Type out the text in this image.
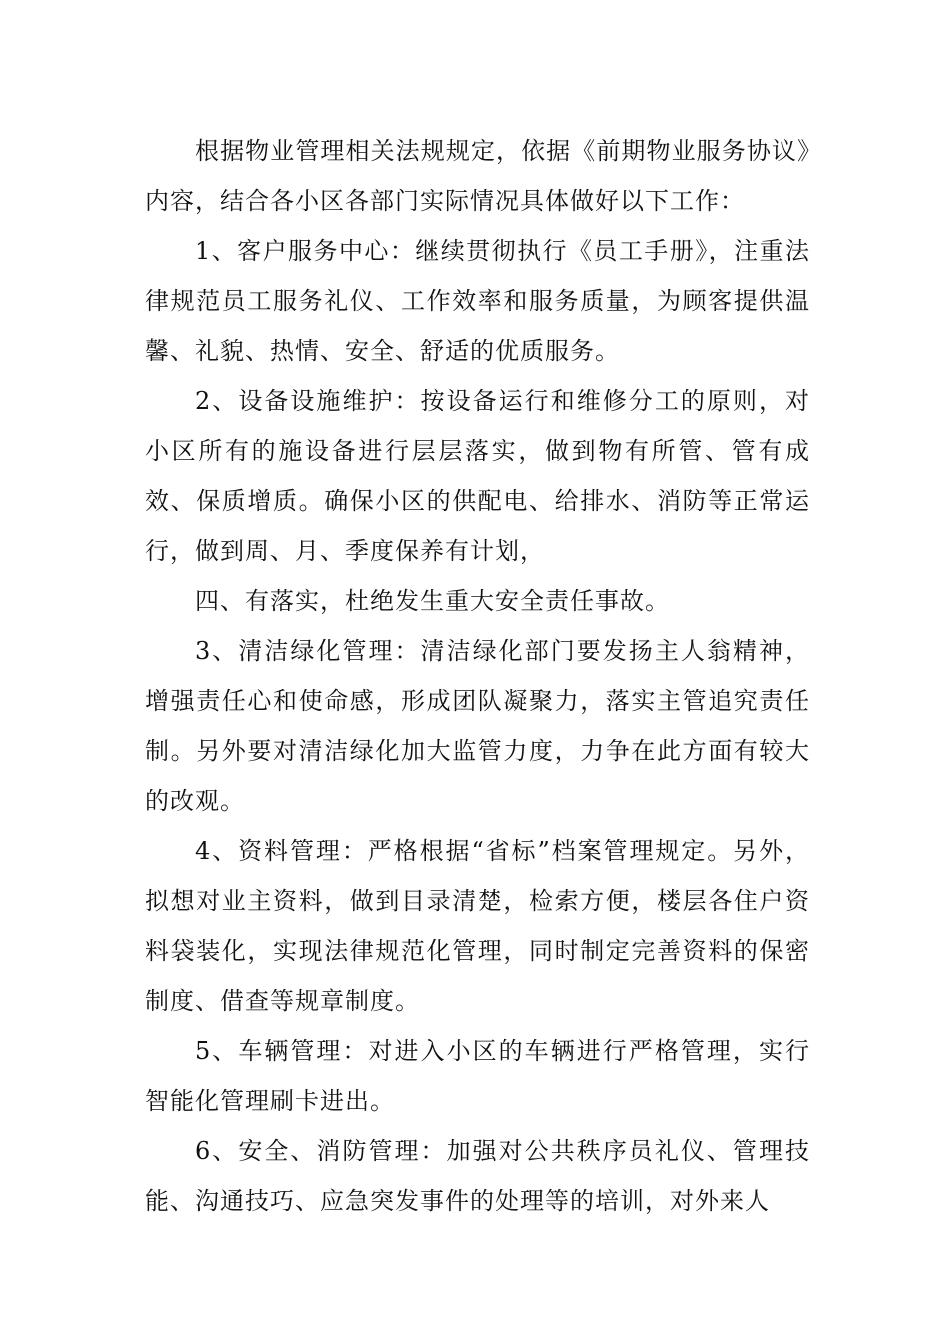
根据物业管理相关法规规定，依据《前期物业服务协议》内容，结合各小区各部门实际情况具体做好以下工作：

1、客户服务中心：继续贯彻执行《员工手册》，注重法律规范员工服务礼仪、工作效率和服务质量，为顾客提供温馨、礼貌、热情、安全、舒适的优质服务。

2、设备设施维护：按设备运行和维修分工的原则，对小区所有的施设备进行层层落实，做到物有所管、管有成效、保质增质。确保小区的供配电、给排水、消防等正常运行，做到周、月、季度保养有计划，

四、有落实，杜绝发生重大安全责任事故。

3、清洁绿化管理：清洁绿化部门要发扬主人翁精神，增强责任心和使命感，形成团队凝聚力，落实主管追究责任制。另外要对清洁绿化加大监管力度，力争在此方面有较大的改观。

4、资料管理：严格根据“省标”档案管理规定。另外，拟想对业主资料，做到目录清楚，检索方便，楼层各住户资料袋装化，实现法律规范化管理，同时制定完善资料的保密制度、借查等规章制度。

5、车辆管理：对进入小区的车辆进行严格管理，实行智能化管理刷卡进出。

6、安全、消防管理：加强对公共秩序员礼仪、管理技能、沟通技巧、应急突发事件的处理等的培训，对外来人
